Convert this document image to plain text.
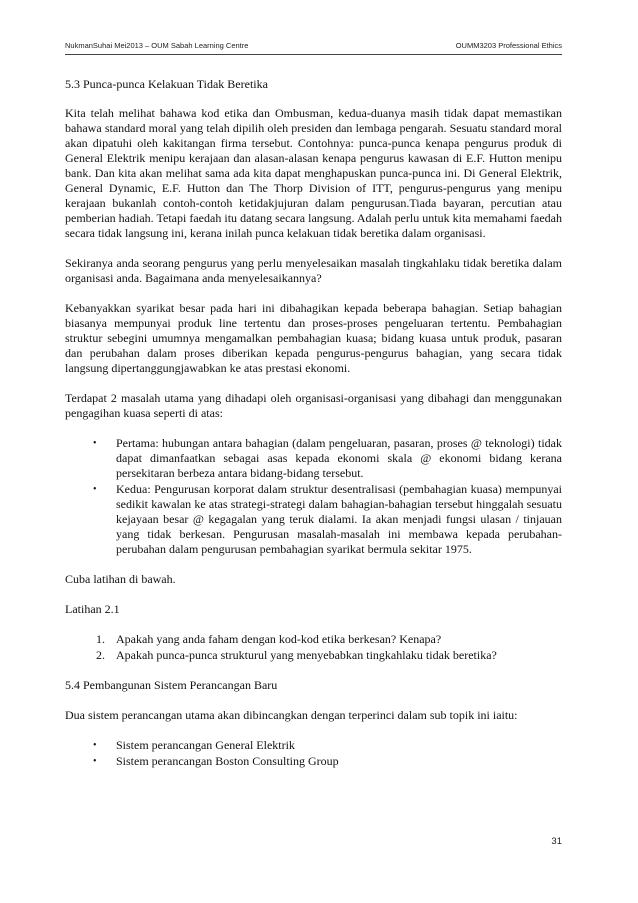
NukmanSuhai Mei2013 – OUM Sabah Learning Centre	OUMM3203 Professional Ethics
5.3 Punca-punca Kelakuan Tidak Beretika

Kita telah melihat bahawa kod etika dan Ombusman, kedua-duanya masih tidak dapat memastikan bahawa standard moral yang telah dipilih oleh presiden dan lembaga pengarah. Sesuatu standard moral akan dipatuhi oleh kakitangan firma tersebut. Contohnya: punca-punca kenapa pengurus produk di General Elektrik menipu kerajaan dan alasan-alasan kenapa pengurus kawasan di E.F. Hutton menipu bank. Dan kita akan melihat sama ada kita dapat menghapuskan punca-punca ini. Di General Elektrik, General Dynamic, E.F. Hutton dan The Thorp Division of ITT, pengurus-pengurus yang menipu kerajaan bukanlah contoh-contoh ketidakjujuran dalam pengurusan.Tiada bayaran, percutian atau pemberian hadiah. Tetapi faedah itu datang secara langsung. Adalah perlu untuk kita memahami faedah secara tidak langsung ini, kerana inilah punca kelakuan tidak beretika dalam organisasi.

Sekiranya anda seorang pengurus yang perlu menyelesaikan masalah tingkahlaku tidak beretika dalam organisasi anda. Bagaimana anda menyelesaikannya?

Kebanyakkan syarikat besar pada hari ini dibahagikan kepada beberapa bahagian. Setiap bahagian biasanya mempunyai produk line tertentu dan proses-proses pengeluaran tertentu. Pembahagian struktur sebegini umumnya mengamalkan pembahagian kuasa; bidang kuasa untuk produk, pasaran dan perubahan dalam proses diberikan kepada pengurus-pengurus bahagian, yang secara tidak langsung dipertanggungjawabkan ke atas prestasi ekonomi.

Terdapat 2 masalah utama yang dihadapi oleh organisasi-organisasi yang dibahagi dan menggunakan pengagihan kuasa seperti di atas:

• Pertama: hubungan antara bahagian (dalam pengeluaran, pasaran, proses @ teknologi) tidak dapat dimanfaatkan sebagai asas kepada ekonomi skala @ ekonomi bidang kerana persekitaran berbeza antara bidang-bidang tersebut.
• Kedua: Pengurusan korporat dalam struktur desentralisasi (pembahagian kuasa) mempunyai sedikit kawalan ke atas strategi-strategi dalam bahagian-bahagian tersebut hinggalah sesuatu kejayaan besar @ kegagalan yang teruk dialami. Ia akan menjadi fungsi ulasan / tinjauan yang tidak berkesan. Pengurusan masalah-masalah ini membawa kepada perubahan-perubahan dalam pengurusan pembahagian syarikat bermula sekitar 1975.

Cuba latihan di bawah.

Latihan 2.1

1. Apakah yang anda faham dengan kod-kod etika berkesan? Kenapa?
2. Apakah punca-punca strukturul yang menyebabkan tingkahlaku tidak beretika?
5.4 Pembangunan Sistem Perancangan Baru

Dua sistem perancangan utama akan dibincangkan dengan terperinci dalam sub topik ini iaitu:

• Sistem perancangan General Elektrik
• Sistem perancangan Boston Consulting Group
31
